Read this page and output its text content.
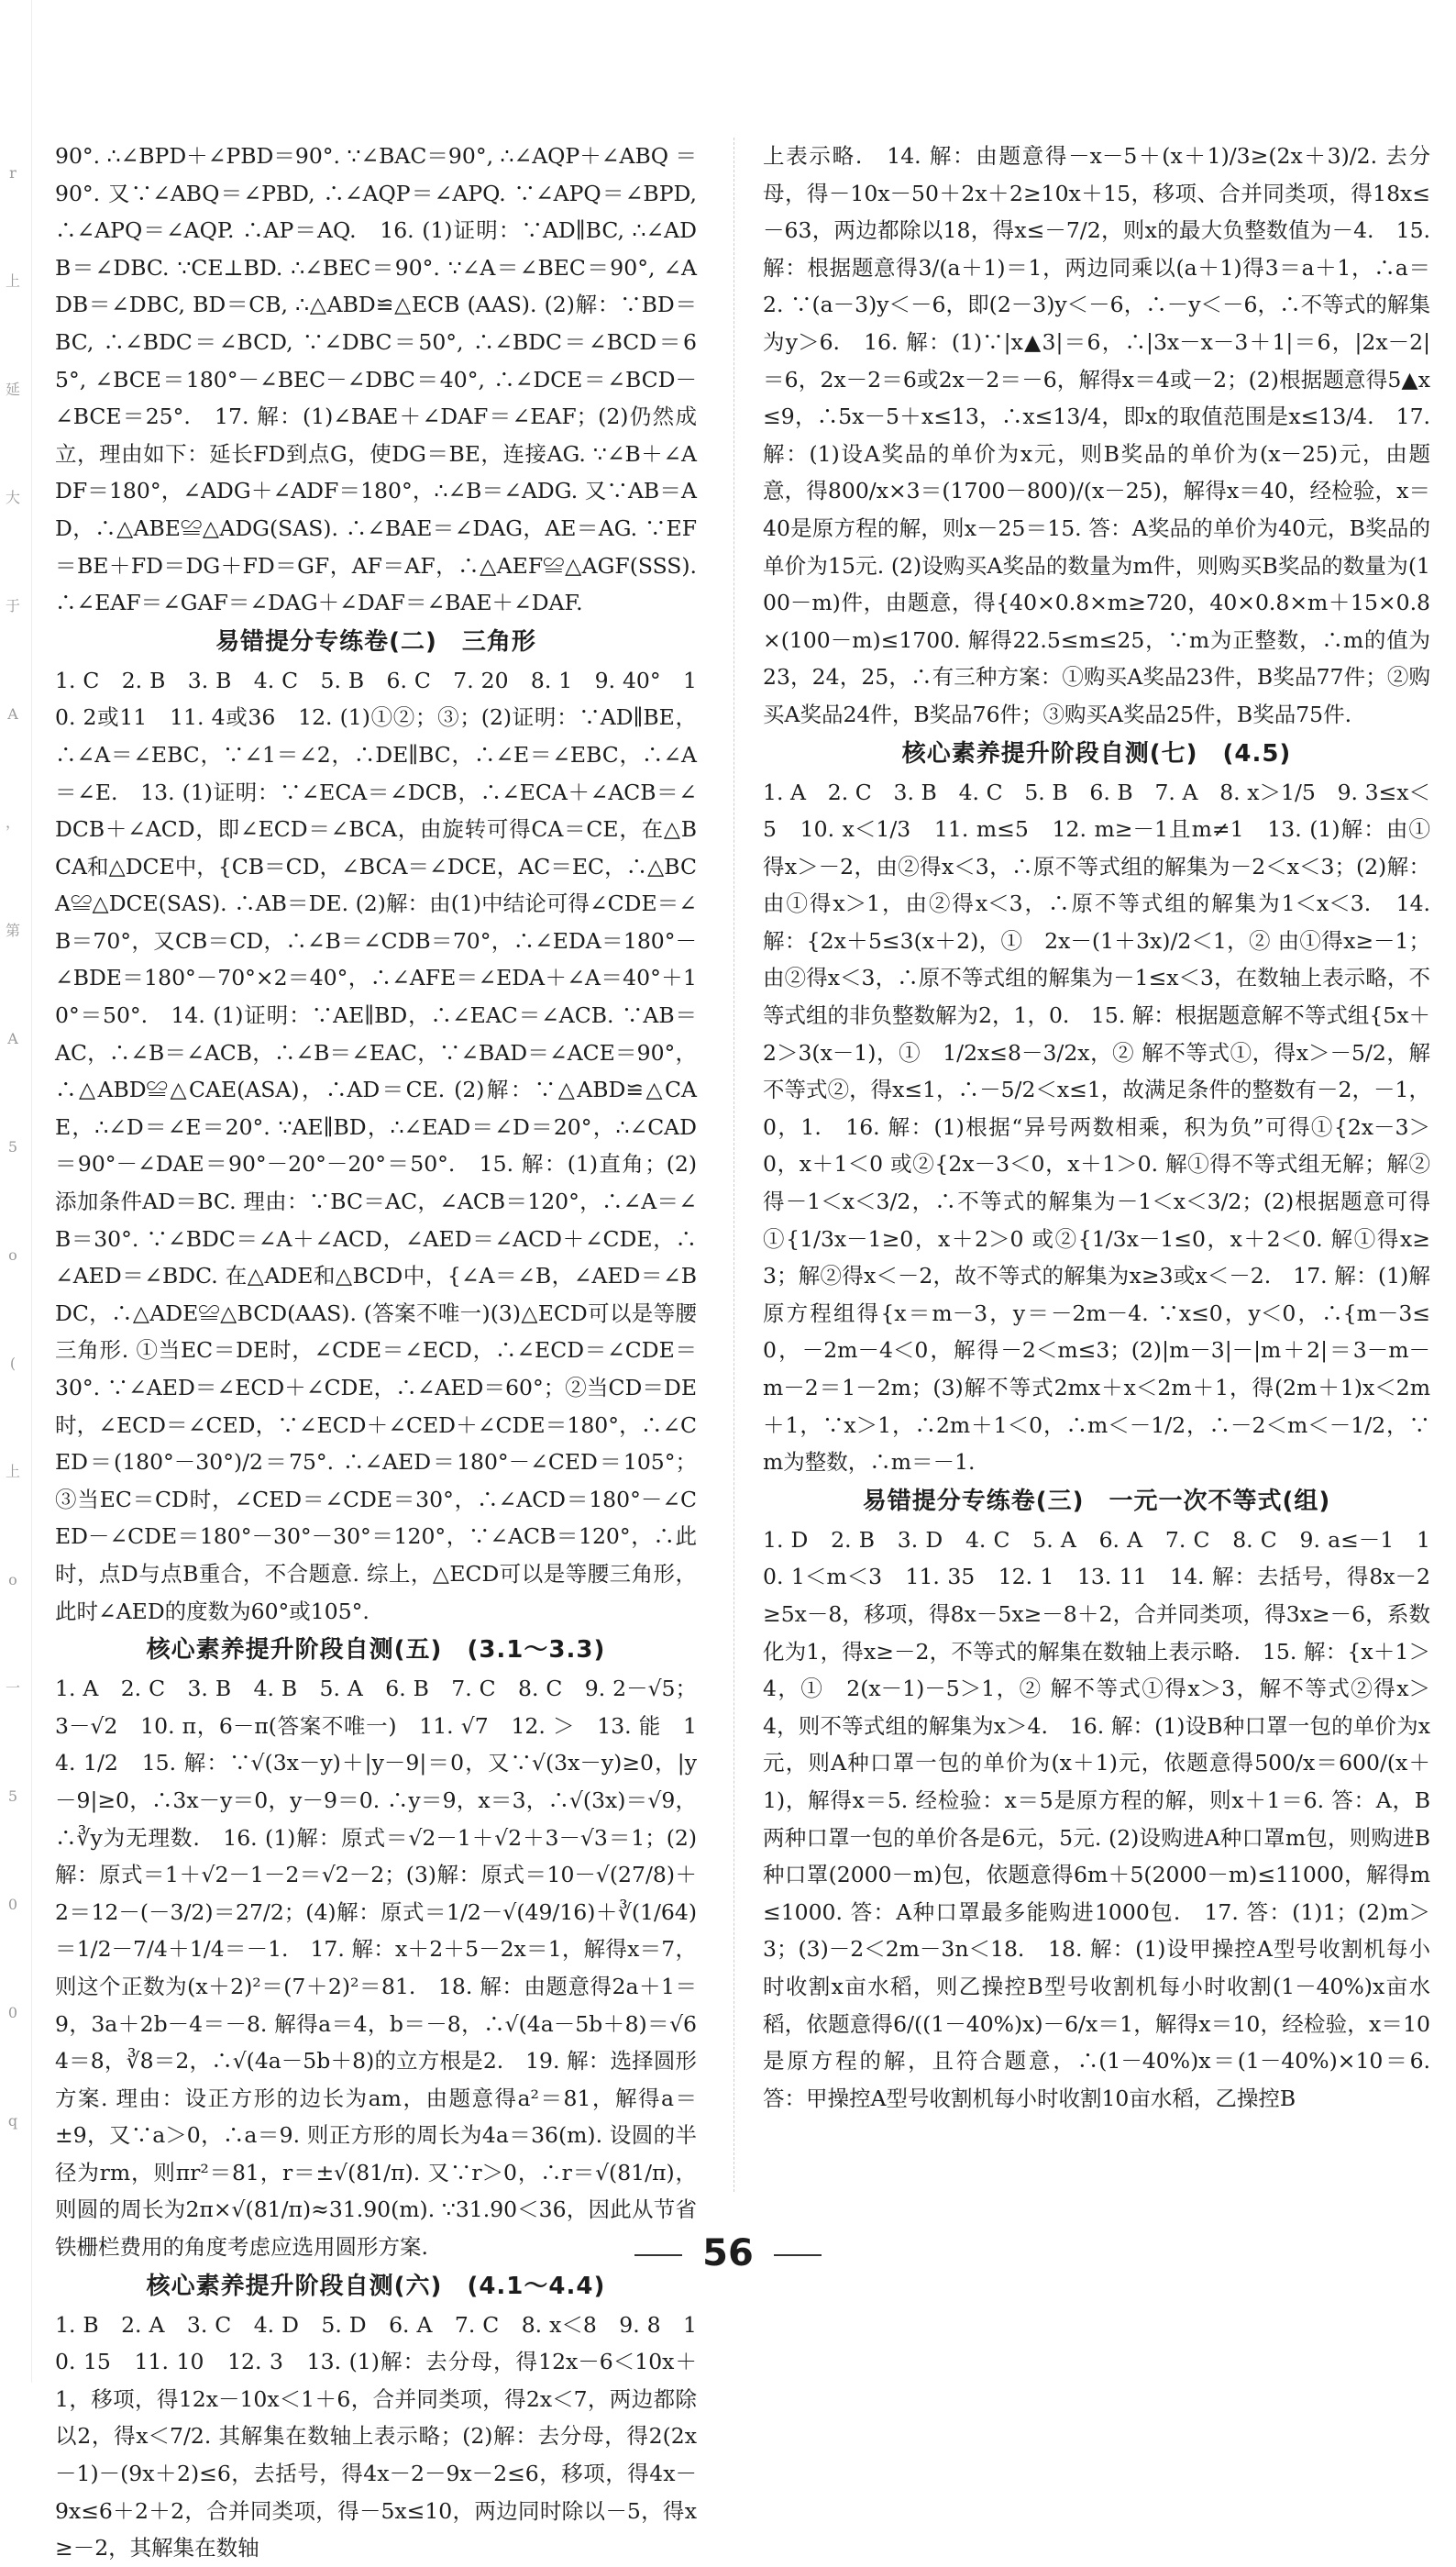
r
上
延
大
于
A
，
第
A
5
o
(
上
o
一
5
0
0
q

90°. ∴∠BPD＋∠PBD＝90°. ∵∠BAC＝90°, ∴∠AQP＋∠ABQ ＝90°. 又∵∠ABQ＝∠PBD, ∴∠AQP＝∠APQ. ∵∠APQ＝∠BPD, ∴∠APQ＝∠AQP. ∴AP＝AQ.　16. (1)证明：∵AD∥BC, ∴∠ADB＝∠DBC. ∵CE⊥BD. ∴∠BEC＝90°. ∵∠A＝∠BEC＝90°, ∠ADB＝∠DBC, BD＝CB, ∴△ABD≌△ECB (AAS). (2)解：∵BD＝BC, ∴∠BDC＝∠BCD, ∵∠DBC＝50°, ∴∠BDC＝∠BCD＝65°, ∠BCE＝180°－∠BEC－∠DBC＝40°, ∴∠DCE＝∠BCD－∠BCE＝25°.　17. 解：(1)∠BAE＋∠DAF＝∠EAF；(2)仍然成立，理由如下：延长FD到点G，使DG＝BE，连接AG. ∵∠B＋∠ADF＝180°，∠ADG＋∠ADF＝180°，∴∠B＝∠ADG. 又∵AB＝AD，∴△ABE≌△ADG(SAS). ∴∠BAE＝∠DAG，AE＝AG. ∵EF＝BE＋FD＝DG＋FD＝GF，AF＝AF，∴△AEF≌△AGF(SSS). ∴∠EAF＝∠GAF＝∠DAG＋∠DAF＝∠BAE＋∠DAF.

易错提分专练卷(二)　三角形

1. C　2. B　3. B　4. C　5. B　6. C　7. 20　8. 1　9. 40°　10. 2或11　11. 4或36　12. (1)①②；③；(2)证明：∵AD∥BE，∴∠A＝∠EBC，∵∠1＝∠2，∴DE∥BC，∴∠E＝∠EBC，∴∠A＝∠E.　13. (1)证明：∵∠ECA＝∠DCB，∴∠ECA＋∠ACB＝∠DCB＋∠ACD，即∠ECD＝∠BCA，由旋转可得CA＝CE，在△BCA和△DCE中，{CB＝CD，∠BCA＝∠DCE，AC＝EC，∴△BCA≌△DCE(SAS). ∴AB＝DE. (2)解：由(1)中结论可得∠CDE＝∠B＝70°，又CB＝CD，∴∠B＝∠CDB＝70°，∴∠EDA＝180°－∠BDE＝180°－70°×2＝40°，∴∠AFE＝∠EDA＋∠A＝40°＋10°＝50°.　14. (1)证明：∵AE∥BD，∴∠EAC＝∠ACB. ∵AB＝AC，∴∠B＝∠ACB，∴∠B＝∠EAC，∵∠BAD＝∠ACE＝90°，∴△ABD≌△CAE(ASA)，∴AD＝CE. (2)解：∵△ABD≌△CAE，∴∠D＝∠E＝20°. ∵AE∥BD，∴∠EAD＝∠D＝20°，∴∠CAD＝90°－∠DAE＝90°－20°－20°＝50°.　15. 解：(1)直角；(2)添加条件AD＝BC. 理由：∵BC＝AC，∠ACB＝120°，∴∠A＝∠B＝30°. ∵∠BDC＝∠A＋∠ACD，∠AED＝∠ACD＋∠CDE，∴∠AED＝∠BDC. 在△ADE和△BCD中，{∠A＝∠B，∠AED＝∠BDC，∴△ADE≌△BCD(AAS). (答案不唯一)(3)△ECD可以是等腰三角形. ①当EC＝DE时，∠CDE＝∠ECD，∴∠ECD＝∠CDE＝30°. ∵∠AED＝∠ECD＋∠CDE，∴∠AED＝60°；②当CD＝DE时，∠ECD＝∠CED，∵∠ECD＋∠CED＋∠CDE＝180°，∴∠CED＝(180°－30°)/2＝75°. ∴∠AED＝180°－∠CED＝105°；③当EC＝CD时，∠CED＝∠CDE＝30°，∴∠ACD＝180°－∠CED－∠CDE＝180°－30°－30°＝120°，∵∠ACB＝120°，∴此时，点D与点B重合，不合题意. 综上，△ECD可以是等腰三角形，此时∠AED的度数为60°或105°.

核心素养提升阶段自测(五)　(3.1～3.3)

1. A　2. C　3. B　4. B　5. A　6. B　7. C　8. C　9. 2－√5；3－√2　10. π，6－π(答案不唯一)　11. √7　12. ＞　13. 能　14. 1/2　15. 解：∵√(3x－y)＋|y－9|＝0，又∵√(3x－y)≥0，|y－9|≥0，∴3x－y＝0，y－9＝0. ∴y＝9，x＝3，∴√(3x)＝√9，∴∛y为无理数.　16. (1)解：原式＝√2－1＋√2＋3－√3＝1；(2)解：原式＝1＋√2－1－2＝√2－2；(3)解：原式＝10－√(27/8)＋2＝12－(－3/2)＝27/2；(4)解：原式＝1/2－√(49/16)＋∛(1/64)＝1/2－7/4＋1/4＝－1.　17. 解：x＋2＋5－2x＝1，解得x＝7，则这个正数为(x＋2)²＝(7＋2)²＝81.　18. 解：由题意得2a＋1＝9，3a＋2b－4＝－8. 解得a＝4，b＝－8，∴√(4a－5b＋8)＝√64＝8，∛8＝2，∴√(4a－5b＋8)的立方根是2.　19. 解：选择圆形方案. 理由：设正方形的边长为am，由题意得a²＝81，解得a＝±9，又∵a＞0，∴a＝9. 则正方形的周长为4a＝36(m). 设圆的半径为rm，则πr²＝81，r＝±√(81/π). 又∵r＞0，∴r＝√(81/π)，则圆的周长为2π×√(81/π)≈31.90(m). ∵31.90＜36，因此从节省铁栅栏费用的角度考虑应选用圆形方案.

核心素养提升阶段自测(六)　(4.1～4.4)

1. B　2. A　3. C　4. D　5. D　6. A　7. C　8. x＜8　9. 8　10. 15　11. 10　12. 3　13. (1)解：去分母，得12x－6＜10x＋1，移项，得12x－10x＜1＋6，合并同类项，得2x＜7，两边都除以2，得x＜7/2. 其解集在数轴上表示略；(2)解：去分母，得2(2x－1)－(9x＋2)≤6，去括号，得4x－2－9x－2≤6，移项，得4x－9x≤6＋2＋2，合并同类项，得－5x≤10，两边同时除以－5，得x≥－2，其解集在数轴

上表示略.　14. 解：由题意得－x－5＋(x＋1)/3≥(2x＋3)/2. 去分母，得－10x－50＋2x＋2≥10x＋15，移项、合并同类项，得18x≤－63，两边都除以18，得x≤－7/2，则x的最大负整数值为－4.　15. 解：根据题意得3/(a＋1)＝1，两边同乘以(a＋1)得3＝a＋1，∴a＝2. ∵(a－3)y＜－6，即(2－3)y＜－6，∴－y＜－6，∴不等式的解集为y＞6.　16. 解：(1)∵|x▲3|＝6，∴|3x－x－3＋1|＝6，|2x－2|＝6，2x－2＝6或2x－2＝－6，解得x＝4或－2；(2)根据题意得5▲x≤9，∴5x－5＋x≤13，∴x≤13/4，即x的取值范围是x≤13/4.　17. 解：(1)设A奖品的单价为x元，则B奖品的单价为(x－25)元，由题意，得800/x×3＝(1700－800)/(x－25)，解得x＝40，经检验，x＝40是原方程的解，则x－25＝15. 答：A奖品的单价为40元，B奖品的单价为15元. (2)设购买A奖品的数量为m件，则购买B奖品的数量为(100－m)件，由题意，得{40×0.8×m≥720，40×0.8×m＋15×0.8×(100－m)≤1700. 解得22.5≤m≤25，∵m为正整数，∴m的值为23，24，25，∴有三种方案：①购买A奖品23件，B奖品77件；②购买A奖品24件，B奖品76件；③购买A奖品25件，B奖品75件.

核心素养提升阶段自测(七)　(4.5)

1. A　2. C　3. B　4. C　5. B　6. B　7. A　8. x＞1/5　9. 3≤x＜5　10. x＜1/3　11. m≤5　12. m≥－1且m≠1　13. (1)解：由①得x＞－2，由②得x＜3，∴原不等式组的解集为－2＜x＜3；(2)解：由①得x＞1，由②得x＜3，∴原不等式组的解集为1＜x＜3.　14. 解：{2x＋5≤3(x＋2)，①　2x－(1＋3x)/2＜1，② 由①得x≥－1；由②得x＜3，∴原不等式组的解集为－1≤x＜3，在数轴上表示略，不等式组的非负整数解为2，1，0.　15. 解：根据题意解不等式组{5x＋2＞3(x－1)，①　1/2x≤8－3/2x，② 解不等式①，得x＞－5/2，解不等式②，得x≤1，∴－5/2＜x≤1，故满足条件的整数有－2，－1，0，1.　16. 解：(1)根据“异号两数相乘，积为负”可得①{2x－3＞0，x＋1＜0 或②{2x－3＜0，x＋1＞0. 解①得不等式组无解；解②得－1＜x＜3/2，∴不等式的解集为－1＜x＜3/2；(2)根据题意可得①{1/3x－1≥0，x＋2＞0 或②{1/3x－1≤0，x＋2＜0. 解①得x≥3；解②得x＜－2，故不等式的解集为x≥3或x＜－2.　17. 解：(1)解原方程组得{x＝m－3，y＝－2m－4. ∵x≤0，y＜0，∴{m－3≤0，－2m－4＜0，解得－2＜m≤3；(2)|m－3|－|m＋2|＝3－m－m－2＝1－2m；(3)解不等式2mx＋x＜2m＋1，得(2m＋1)x＜2m＋1，∵x＞1，∴2m＋1＜0，∴m＜－1/2，∴－2＜m＜－1/2，∵m为整数，∴m＝－1.

易错提分专练卷(三)　一元一次不等式(组)

1. D　2. B　3. D　4. C　5. A　6. A　7. C　8. C　9. a≤－1　10. 1＜m＜3　11. 35　12. 1　13. 11　14. 解：去括号，得8x－2≥5x－8，移项，得8x－5x≥－8＋2，合并同类项，得3x≥－6，系数化为1，得x≥－2，不等式的解集在数轴上表示略.　15. 解：{x＋1＞4，①　2(x－1)－5＞1，② 解不等式①得x＞3，解不等式②得x＞4，则不等式组的解集为x＞4.　16. 解：(1)设B种口罩一包的单价为x元，则A种口罩一包的单价为(x＋1)元，依题意得500/x＝600/(x＋1)，解得x＝5. 经检验：x＝5是原方程的解，则x＋1＝6. 答：A，B两种口罩一包的单价各是6元，5元. (2)设购进A种口罩m包，则购进B种口罩(2000－m)包，依题意得6m＋5(2000－m)≤11000，解得m≤1000. 答：A种口罩最多能购进1000包.　17. 答：(1)1；(2)m＞3；(3)－2＜2m－3n＜18.　18. 解：(1)设甲操控A型号收割机每小时收割x亩水稻，则乙操控B型号收割机每小时收割(1－40%)x亩水稻，依题意得6/((1－40%)x)－6/x＝1，解得x＝10，经检验，x＝10是原方程的解，且符合题意，∴(1－40%)x＝(1－40%)×10＝6. 答：甲操控A型号收割机每小时收割10亩水稻，乙操控B

56
